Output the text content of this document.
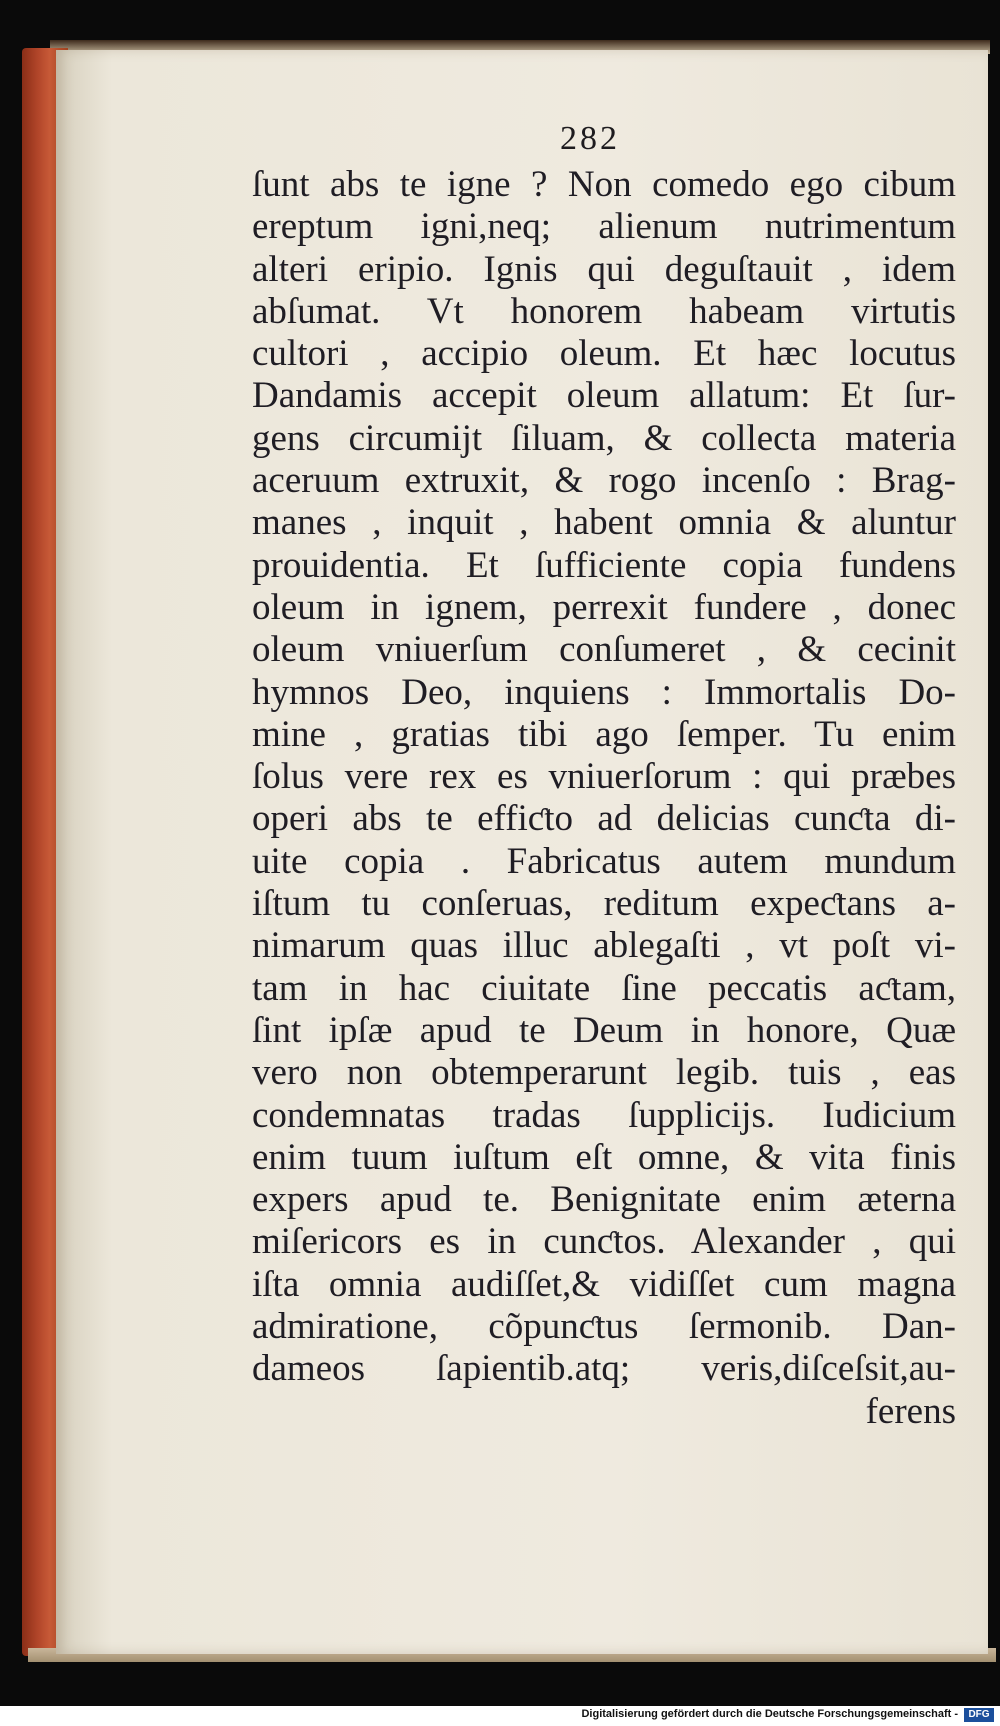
282
ſunt abs te igne ? Non comedo ego cibum
ereptum igni,neq; alienum nutrimentum
alteri eripio. Ignis qui deguſtauit , idem
abſumat. Vt honorem habeam virtutis
cultori , accipio oleum. Et hæc locutus
Dandamis accepit oleum allatum: Et ſur-
gens circumijt ſiluam, & collecta materia
aceruum extruxit, & rogo incenſo : Brag-
manes , inquit , habent omnia & aluntur
prouidentia. Et ſufficiente copia fundens
oleum in ignem, perrexit fundere , donec
oleum vniuerſum conſumeret , & cecinit
hymnos Deo, inquiens : Immortalis Do-
mine , gratias tibi ago ſemper. Tu enim
ſolus vere rex es vniuerſorum : qui præbes
operi abs te effiƈto ad delicias cunƈta di-
uite copia . Fabricatus autem mundum
iſtum tu conſeruas, reditum expeƈtans a-
nimarum quas illuc ablegaſti , vt poſt vi-
tam in hac ciuitate ſine peccatis aƈtam,
ſint ipſæ apud te Deum in honore, Quæ
vero non obtemperarunt legib. tuis , eas
condemnatas tradas ſupplicijs. Iudicium
enim tuum iuſtum eſt omne, & vita finis
expers apud te. Benignitate enim æterna
miſericors es in cunƈtos. Alexander , qui
iſta omnia audiſſet,& vidiſſet cum magna
admiratione, cõpunƈtus ſermonib. Dan-
dameos ſapientib.atq; veris,diſceſsit,au-
ferens
Digitalisierung gefördert durch die Deutsche Forschungsgemeinschaft -	DFG
